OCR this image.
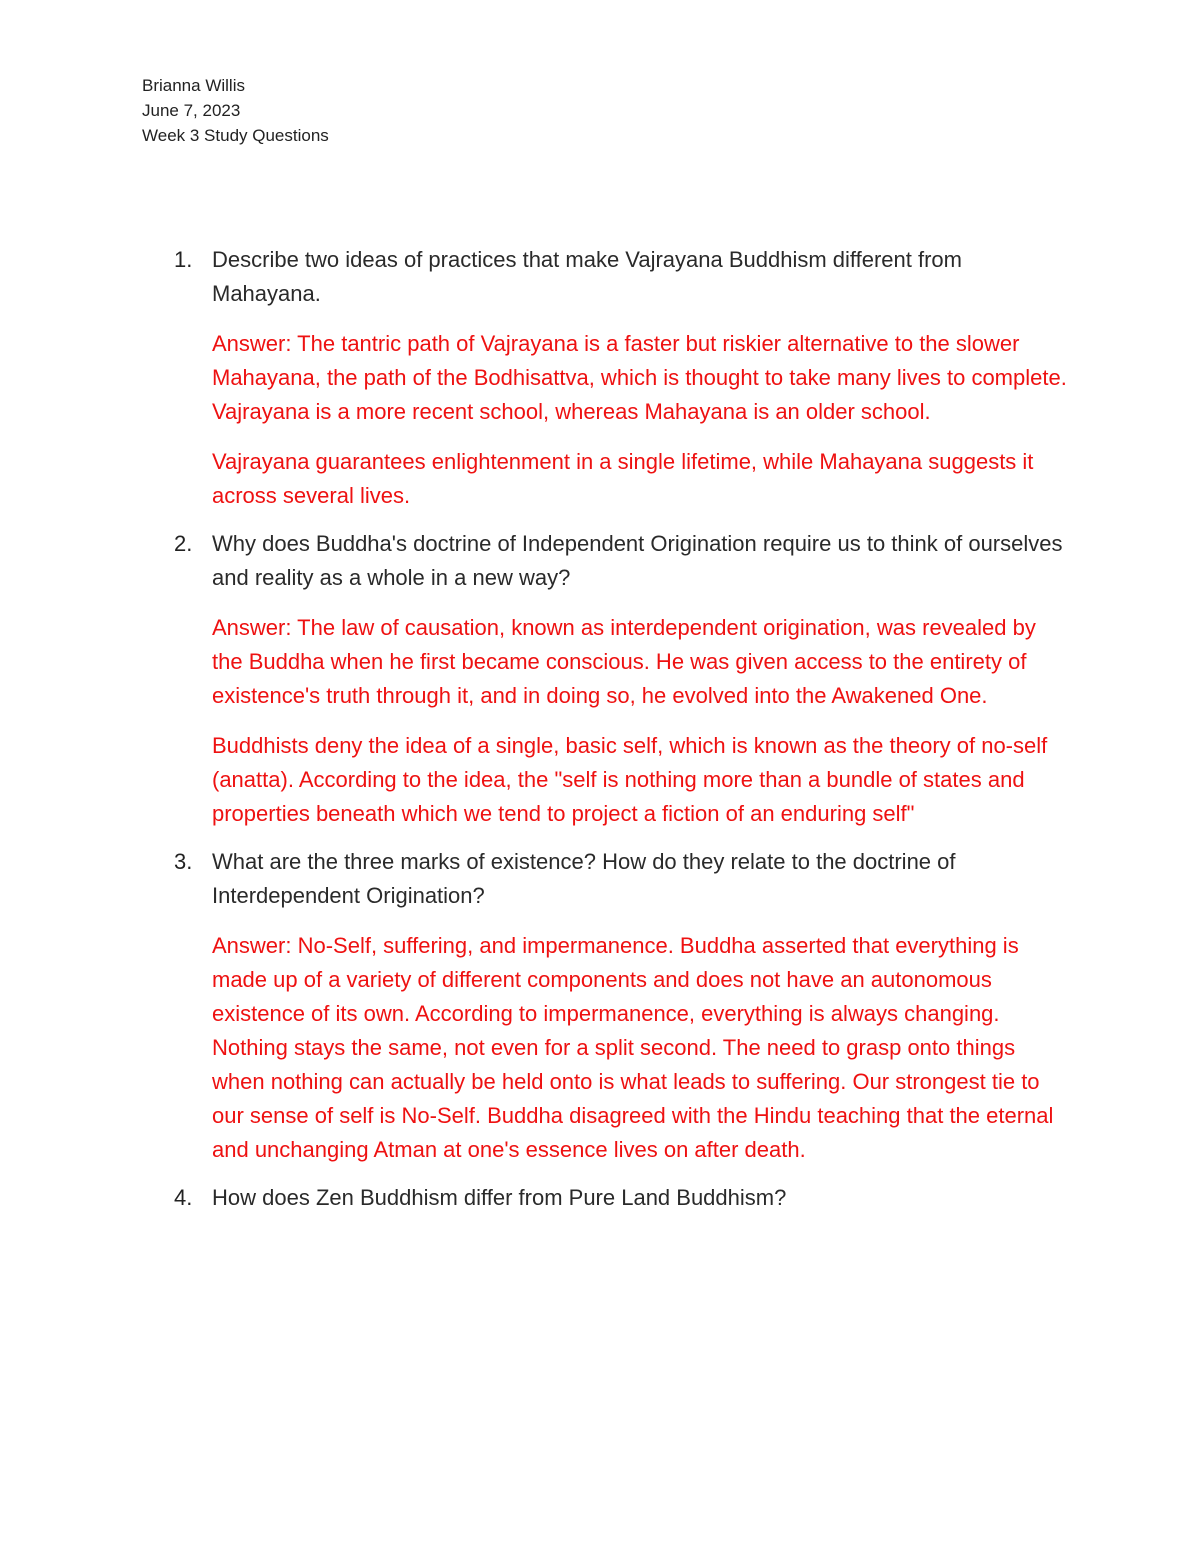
Brianna Willis
June 7, 2023
Week 3 Study Questions
1. Describe two ideas of practices that make Vajrayana Buddhism different from Mahayana.
Answer: The tantric path of Vajrayana is a faster but riskier alternative to the slower Mahayana, the path of the Bodhisattva, which is thought to take many lives to complete. Vajrayana is a more recent school, whereas Mahayana is an older school.
Vajrayana guarantees enlightenment in a single lifetime, while Mahayana suggests it across several lives.
2. Why does Buddha's doctrine of Independent Origination require us to think of ourselves and reality as a whole in a new way?
Answer: The law of causation, known as interdependent origination, was revealed by the Buddha when he first became conscious. He was given access to the entirety of existence's truth through it, and in doing so, he evolved into the Awakened One.
Buddhists deny the idea of a single, basic self, which is known as the theory of no-self (anatta). According to the idea, the "self is nothing more than a bundle of states and properties beneath which we tend to project a fiction of an enduring self"
3. What are the three marks of existence? How do they relate to the doctrine of Interdependent Origination?
Answer: No-Self, suffering, and impermanence. Buddha asserted that everything is made up of a variety of different components and does not have an autonomous existence of its own. According to impermanence, everything is always changing. Nothing stays the same, not even for a split second. The need to grasp onto things when nothing can actually be held onto is what leads to suffering. Our strongest tie to our sense of self is No-Self. Buddha disagreed with the Hindu teaching that the eternal and unchanging Atman at one's essence lives on after death.
4. How does Zen Buddhism differ from Pure Land Buddhism?
